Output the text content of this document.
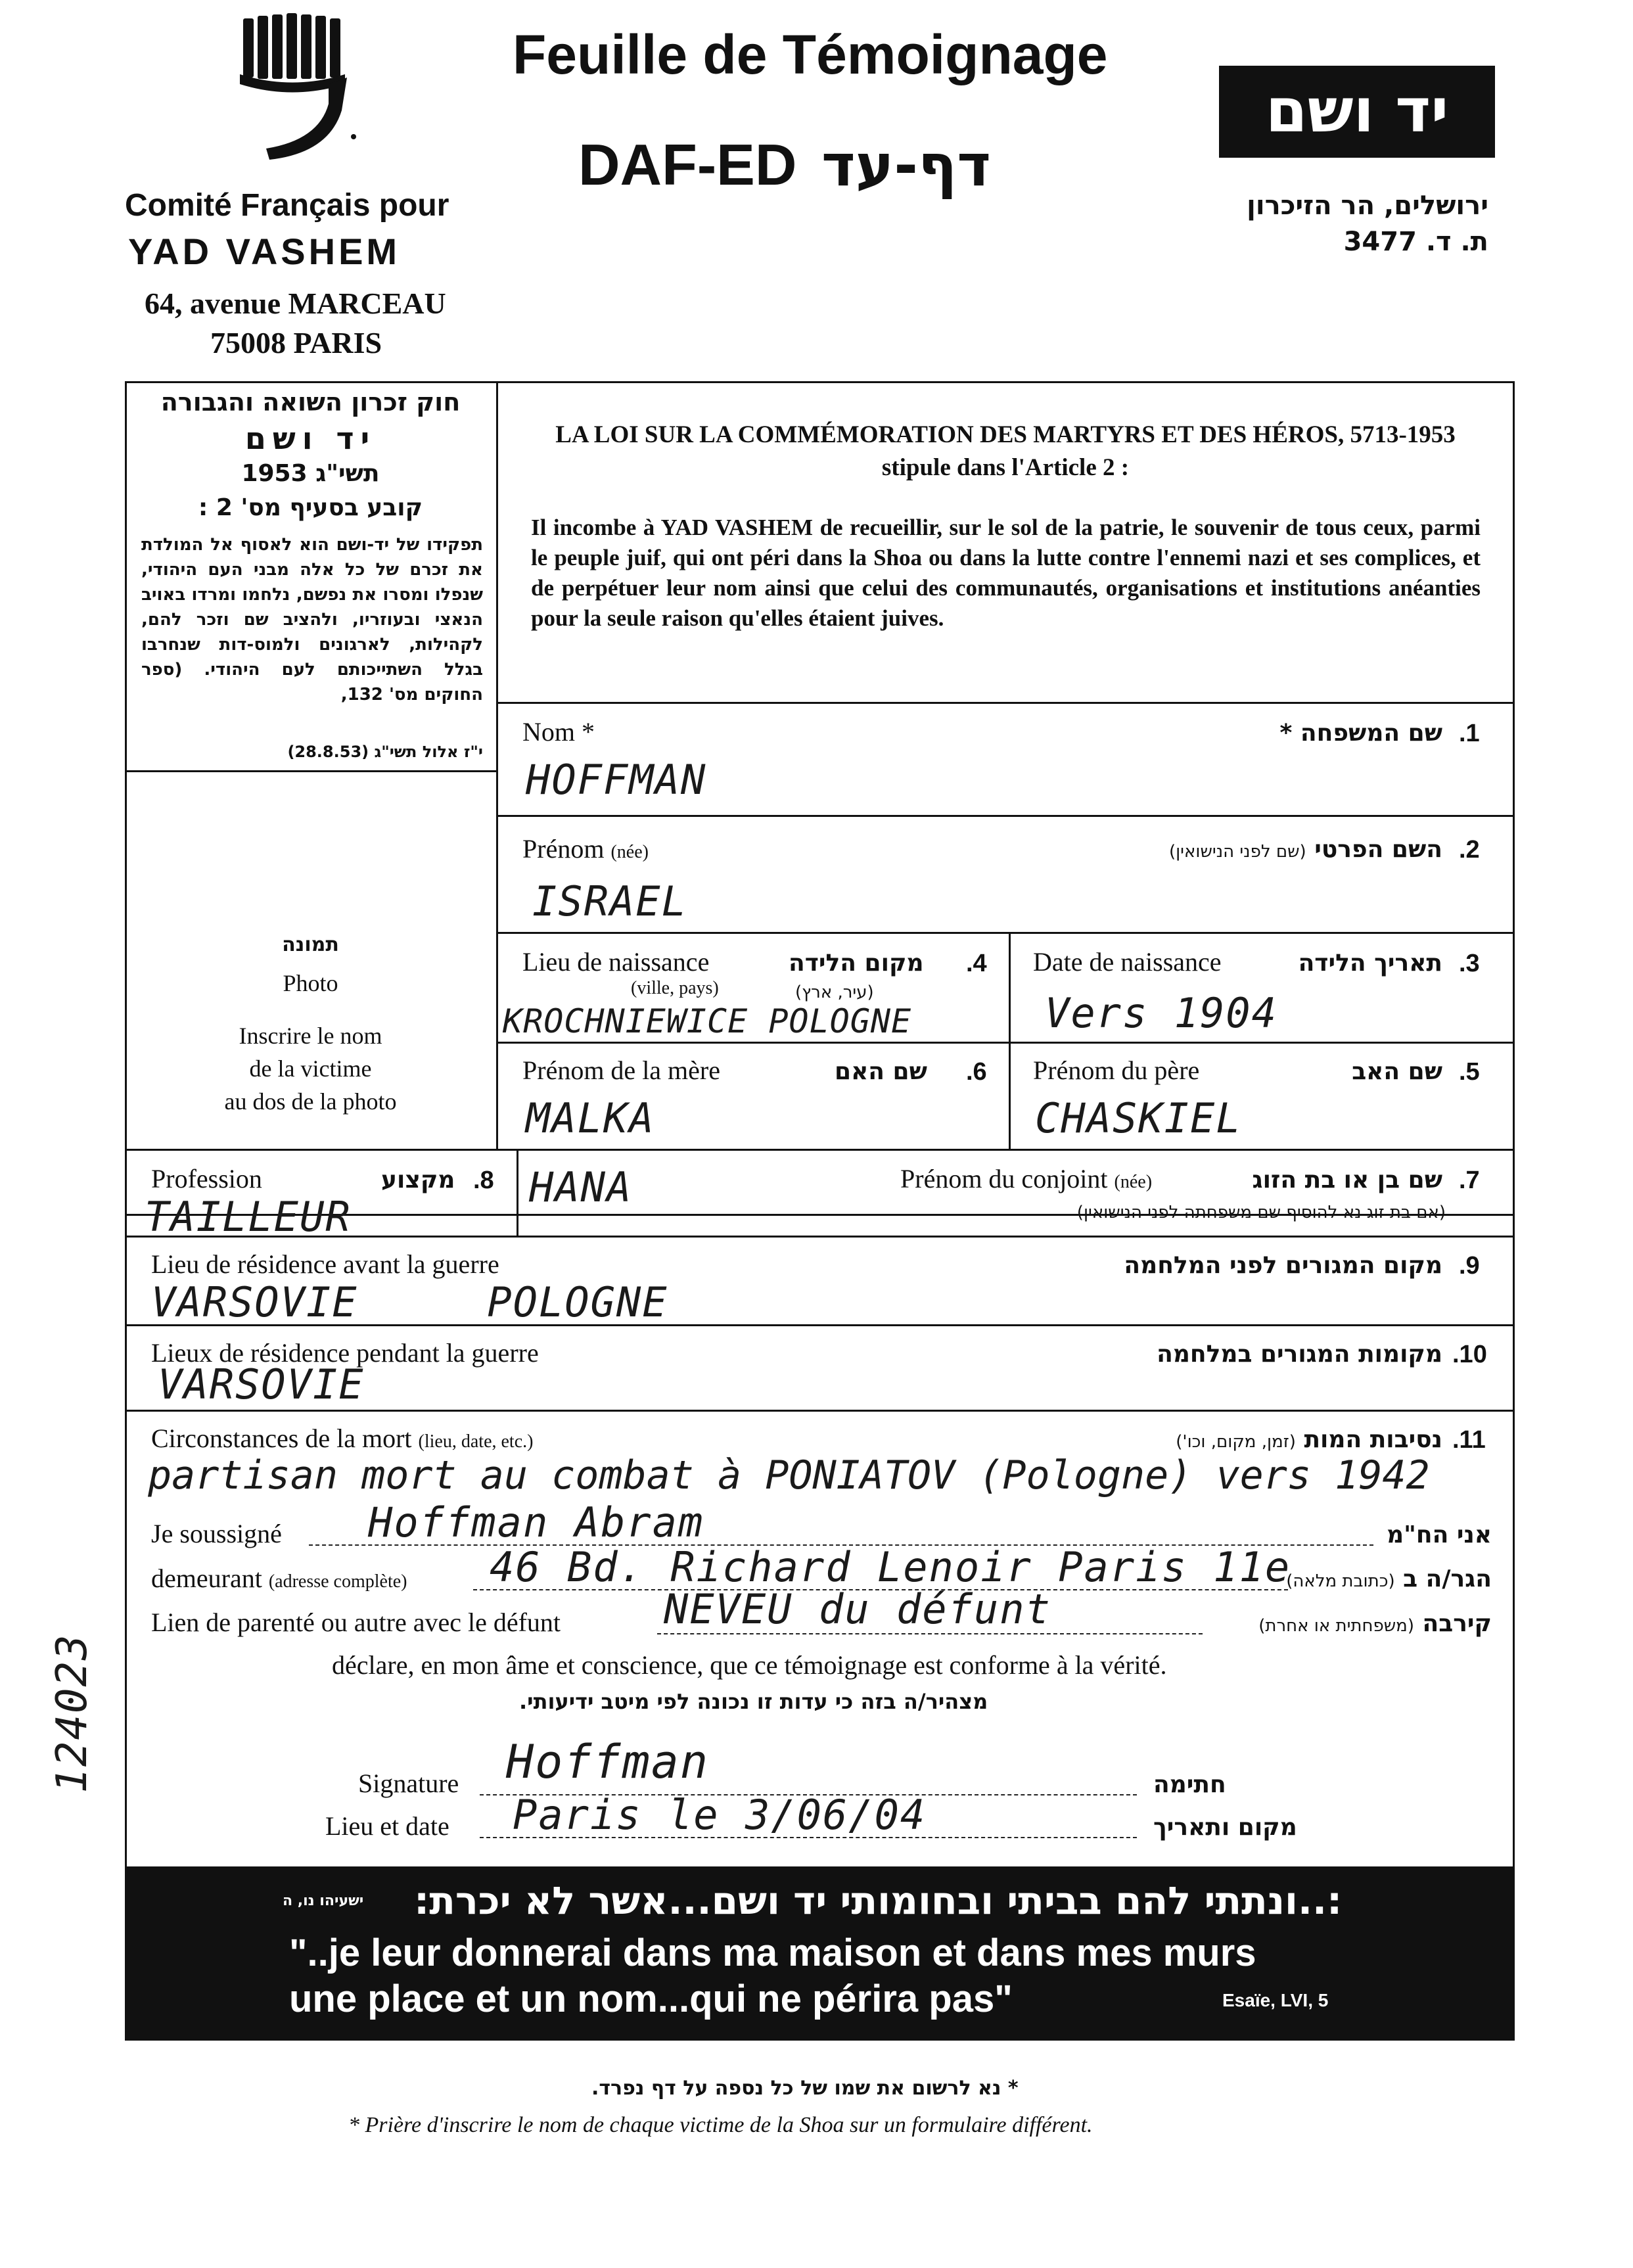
Comité Français pour
YAD VASHEM
64, avenue MARCEAU
75008 PARIS
Feuille de Témoignage
DAF-ED דף-עד
יד ושם
ירושלים, הר הזיכרון
ת. ד. 3477
חוק זכרון השואה והגבורה
יד ושם
תשי"ג 1953
קובע בסעיף מס' 2 :
תפקידו של יד-ושם הוא לאסוף אל המולדת את זכרם של כל אלה מבני העם היהודי, שנפלו ומסרו את נפשם, נלחמו ומרדו באויב הנאצי ובעוזריו, ולהציב שם וזכר להם, לקהילות, לארגונים ולמוס-דות שנחרבו בגלל השתייכותם לעם היהודי. (ספר החוקים מס' 132,
י"ז אלול תשי"ג (28.8.53)
LA LOI SUR LA COMMÉMORATION DES MARTYRS ET DES HÉROS, 5713-1953
stipule dans l'Article 2 :
Il incombe à YAD VASHEM de recueillir, sur le sol de la patrie, le souvenir de tous ceux, parmi le peuple juif, qui ont péri dans la Shoa ou dans la lutte contre l'ennemi nazi et ses complices, et de perpétuer leur nom ainsi que celui des communautés, organisations et institutions anéanties pour la seule raison qu'elles étaient juives.
תמונה
Photo
Inscrire le nom
de la victime
au dos de la photo
Nom *	שם המשפחה * .1
HOFFMAN
Prénom (née)	השם הפרטי (שם לפני הנישואין)	.2
ISRAEL
Lieu de naissance
(ville, pays)
מקום הלידה
(עיר, ארץ)
.4
KROCHNIEWICE POLOGNE
Date de naissance	תאריך הלידה .3
Vers 1904
Prénom de la mère	שם האם .6
MALKA
Prénom du père	שם האב .5
CHASKIEL
Profession	מקצוע .8
TAILLEUR
HANA	Prénom du conjoint (née)	שם בן או בת הזוג
(אם בת זוג נא להוסיף שם משפחתה לפני הנישואין)
.7
Lieu de résidence avant la guerre	מקום המגורים לפני המלחמה .9
VARSOVIE     POLOGNE
Lieux de résidence pendant la guerre	מקומות המגורים במלחמה .10
VARSOVIE
Circonstances de la mort (lieu, date, etc.)	נסיבות המות (זמן, מקום, וכו')	.11
partisan mort au combat à PONIATOV (Pologne) vers 1942
Je soussigné Hoffman Abram	אני הח"מ
demeurant (adresse complète) 46 Bd. Richard Lenoir Paris 11e	הגר/ה ב (כתובת מלאה)
Lien de parenté ou autre avec le défunt	NEVEU du défunt	קירבה (משפחתית או אחרת)
déclare, en mon âme et conscience, que ce témoignage est conforme à la vérité.
מצהיר/ה בזה כי עדות זו נכונה לפי מיטב ידיעותי.
Signature Hoffman	חתימה
Lieu et date Paris le 3/06/04	מקום ותאריך
124023
ישעיהו נו, ה :..ונתתי להם בביתי ובחומותי יד ושם...אשר לא יכרת:
"..je leur donnerai dans ma maison et dans mes murs
une place et un nom...qui ne périra pas"	Esaïe, LVI, 5
* נא לרשום את שמו של כל נספה על דף נפרד.
* Prière d'inscrire le nom de chaque victime de la Shoa sur un formulaire différent.
